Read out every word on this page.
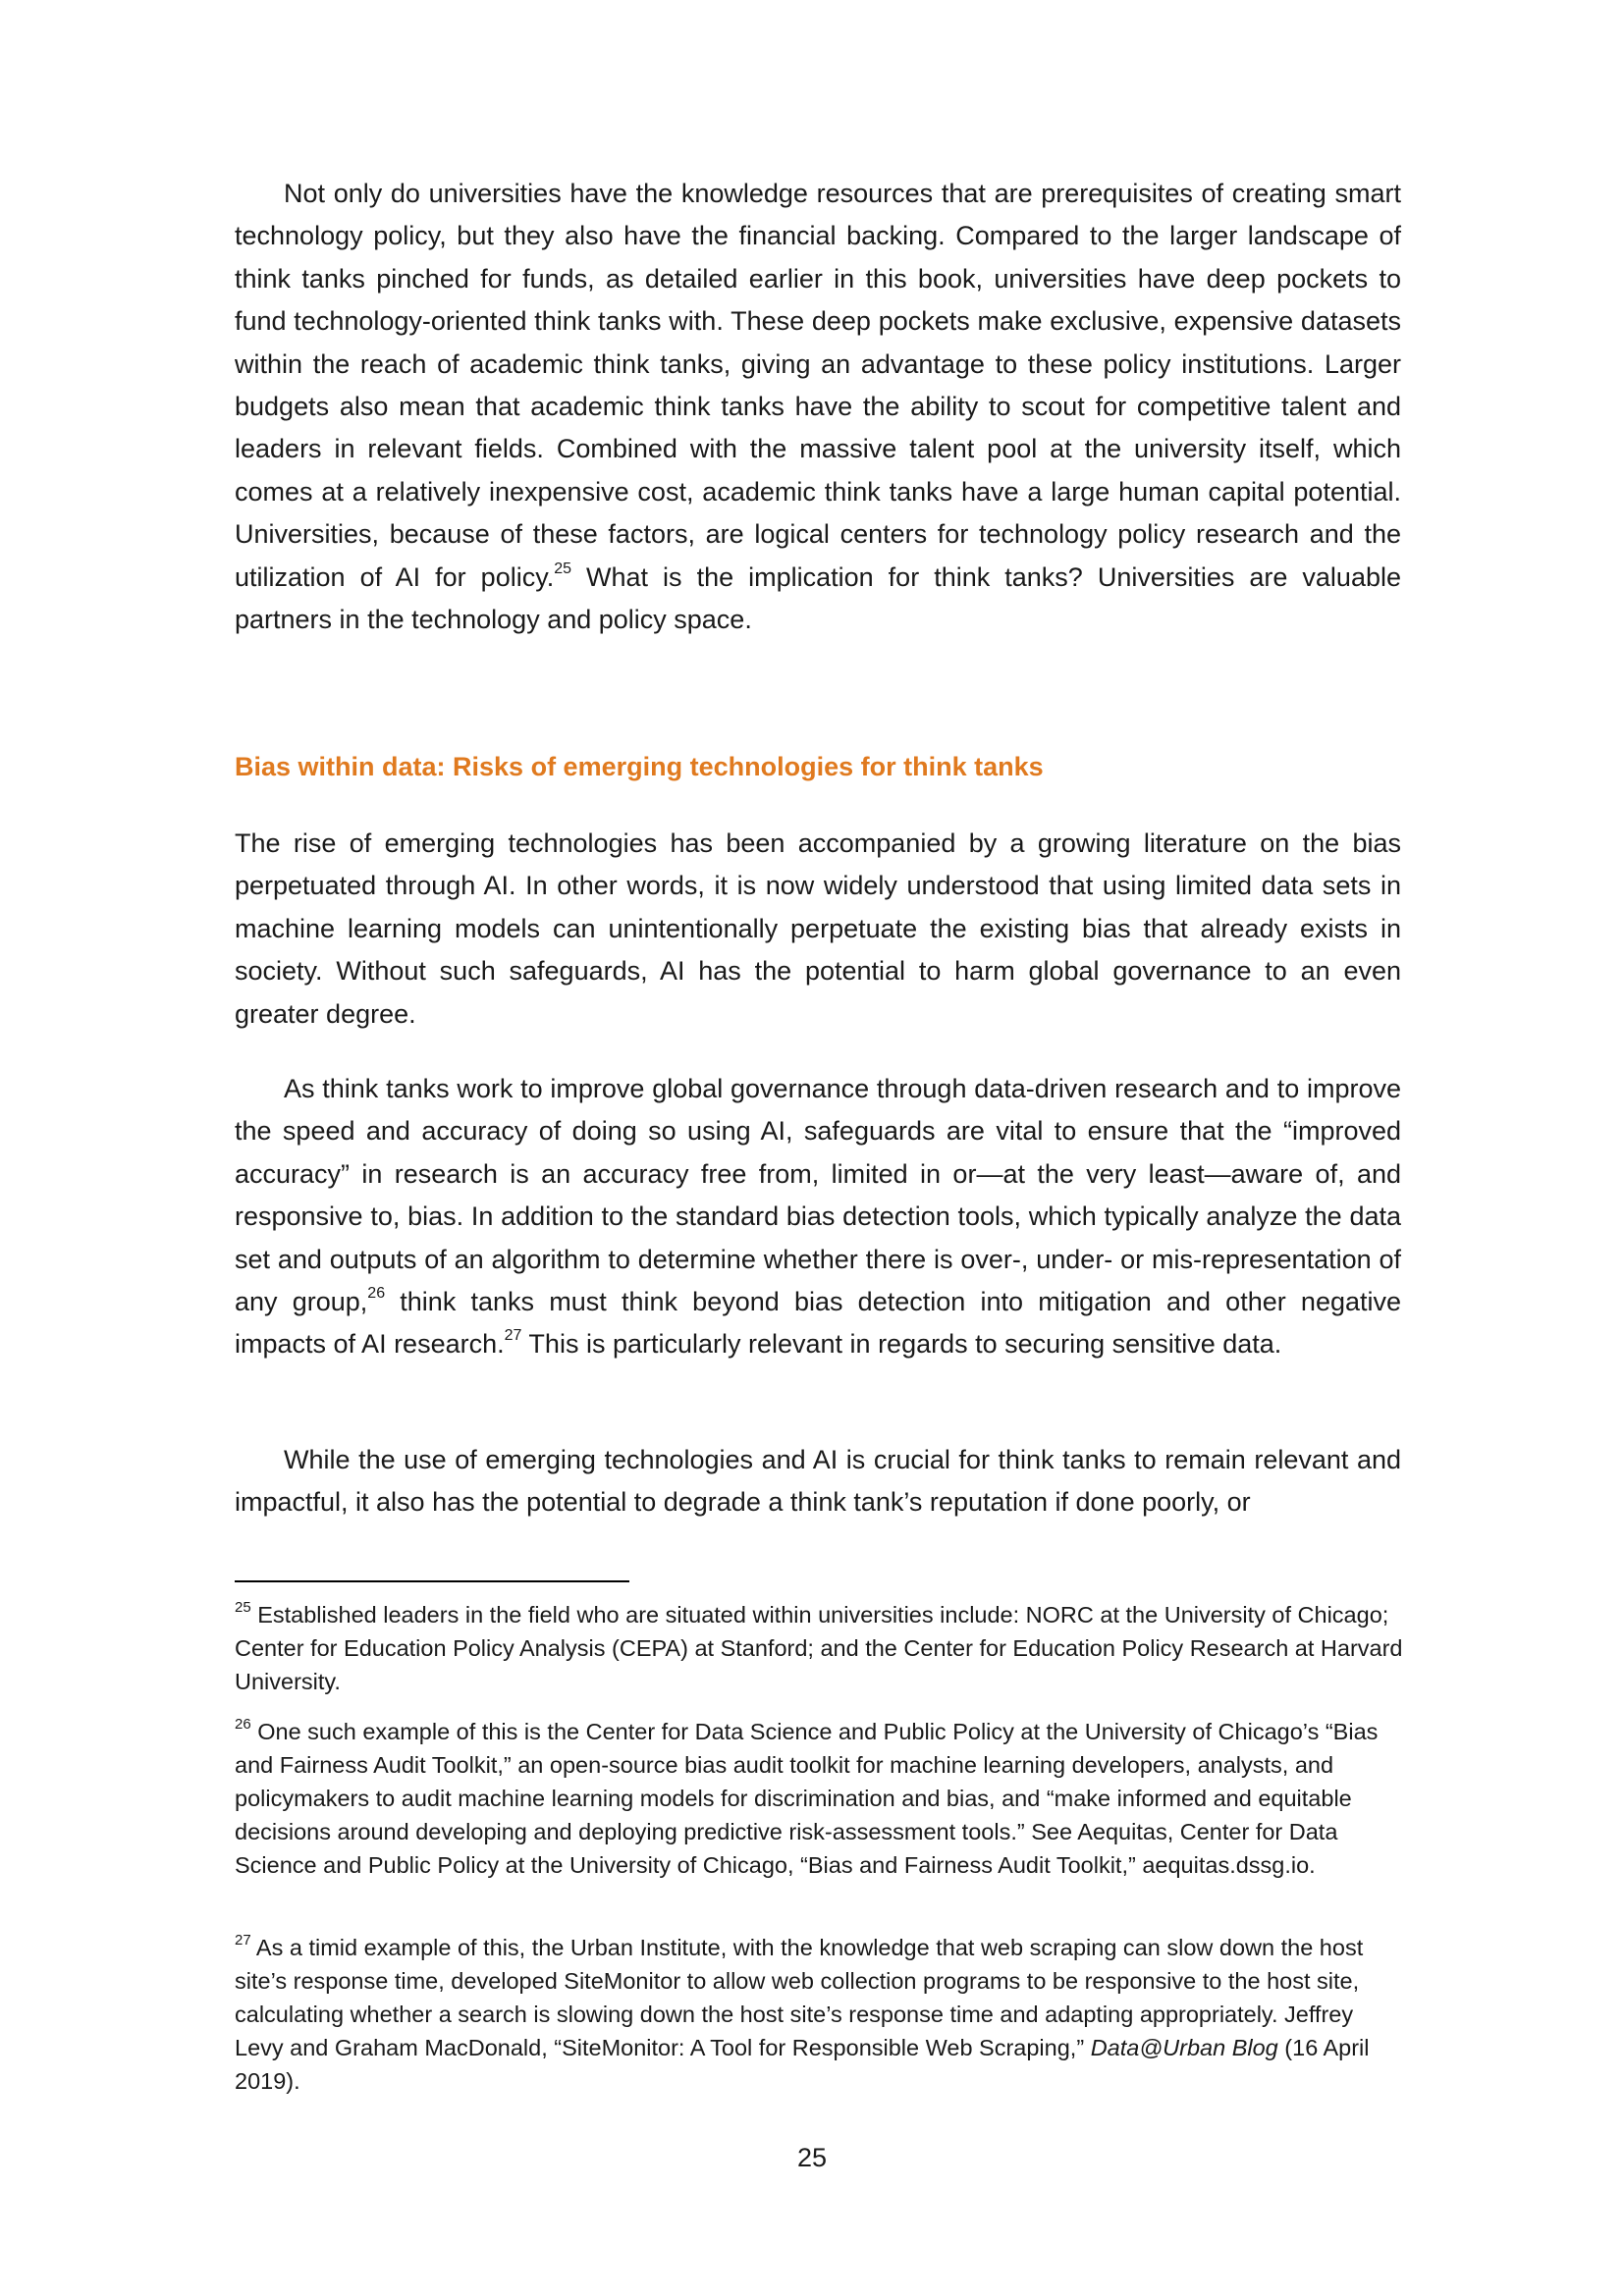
Not only do universities have the knowledge resources that are prerequisites of creating smart technology policy, but they also have the financial backing. Compared to the larger landscape of think tanks pinched for funds, as detailed earlier in this book, universities have deep pockets to fund technology-oriented think tanks with. These deep pockets make exclusive, expensive datasets within the reach of academic think tanks, giving an advantage to these policy institutions. Larger budgets also mean that academic think tanks have the ability to scout for competitive talent and leaders in relevant fields. Combined with the massive talent pool at the university itself, which comes at a relatively inexpensive cost, academic think tanks have a large human capital potential. Universities, because of these factors, are logical centers for technology policy research and the utilization of AI for policy.$^{25}$ What is the implication for think tanks? Universities are valuable partners in the technology and policy space.

Bias within data: Risks of emerging technologies for think tanks

The rise of emerging technologies has been accompanied by a growing literature on the bias perpetuated through AI. In other words, it is now widely understood that using limited data sets in machine learning models can unintentionally perpetuate the existing bias that already exists in society. Without such safeguards, AI has the potential to harm global governance to an even greater degree.

As think tanks work to improve global governance through data-driven research and to improve the speed and accuracy of doing so using AI, safeguards are vital to ensure that the “improved accuracy” in research is an accuracy free from, limited in or—at the very least—aware of, and responsive to, bias. In addition to the standard bias detection tools, which typically analyze the data set and outputs of an algorithm to determine whether there is over-, under- or mis-representation of any group,$^{26}$ think tanks must think beyond bias detection into mitigation and other negative impacts of AI research.$^{27}$ This is particularly relevant in regards to securing sensitive data.

While the use of emerging technologies and AI is crucial for think tanks to remain relevant and impactful, it also has the potential to degrade a think tank’s reputation if done poorly, or

$^{25}$ Established leaders in the field who are situated within universities include: NORC at the University of Chicago; Center for Education Policy Analysis (CEPA) at Stanford; and the Center for Education Policy Research at Harvard University.

$^{26}$ One such example of this is the Center for Data Science and Public Policy at the University of Chicago’s “Bias and Fairness Audit Toolkit,” an open-source bias audit toolkit for machine learning developers, analysts, and policymakers to audit machine learning models for discrimination and bias, and “make informed and equitable decisions around developing and deploying predictive risk-assessment tools.” See Aequitas, Center for Data Science and Public Policy at the University of Chicago, “Bias and Fairness Audit Toolkit,” aequitas.dssg.io.

$^{27}$ As a timid example of this, the Urban Institute, with the knowledge that web scraping can slow down the host site’s response time, developed SiteMonitor to allow web collection programs to be responsive to the host site, calculating whether a search is slowing down the host site’s response time and adapting appropriately. Jeffrey Levy and Graham MacDonald, “SiteMonitor: A Tool for Responsible Web Scraping,” Data@Urban Blog (16 April 2019).

25
